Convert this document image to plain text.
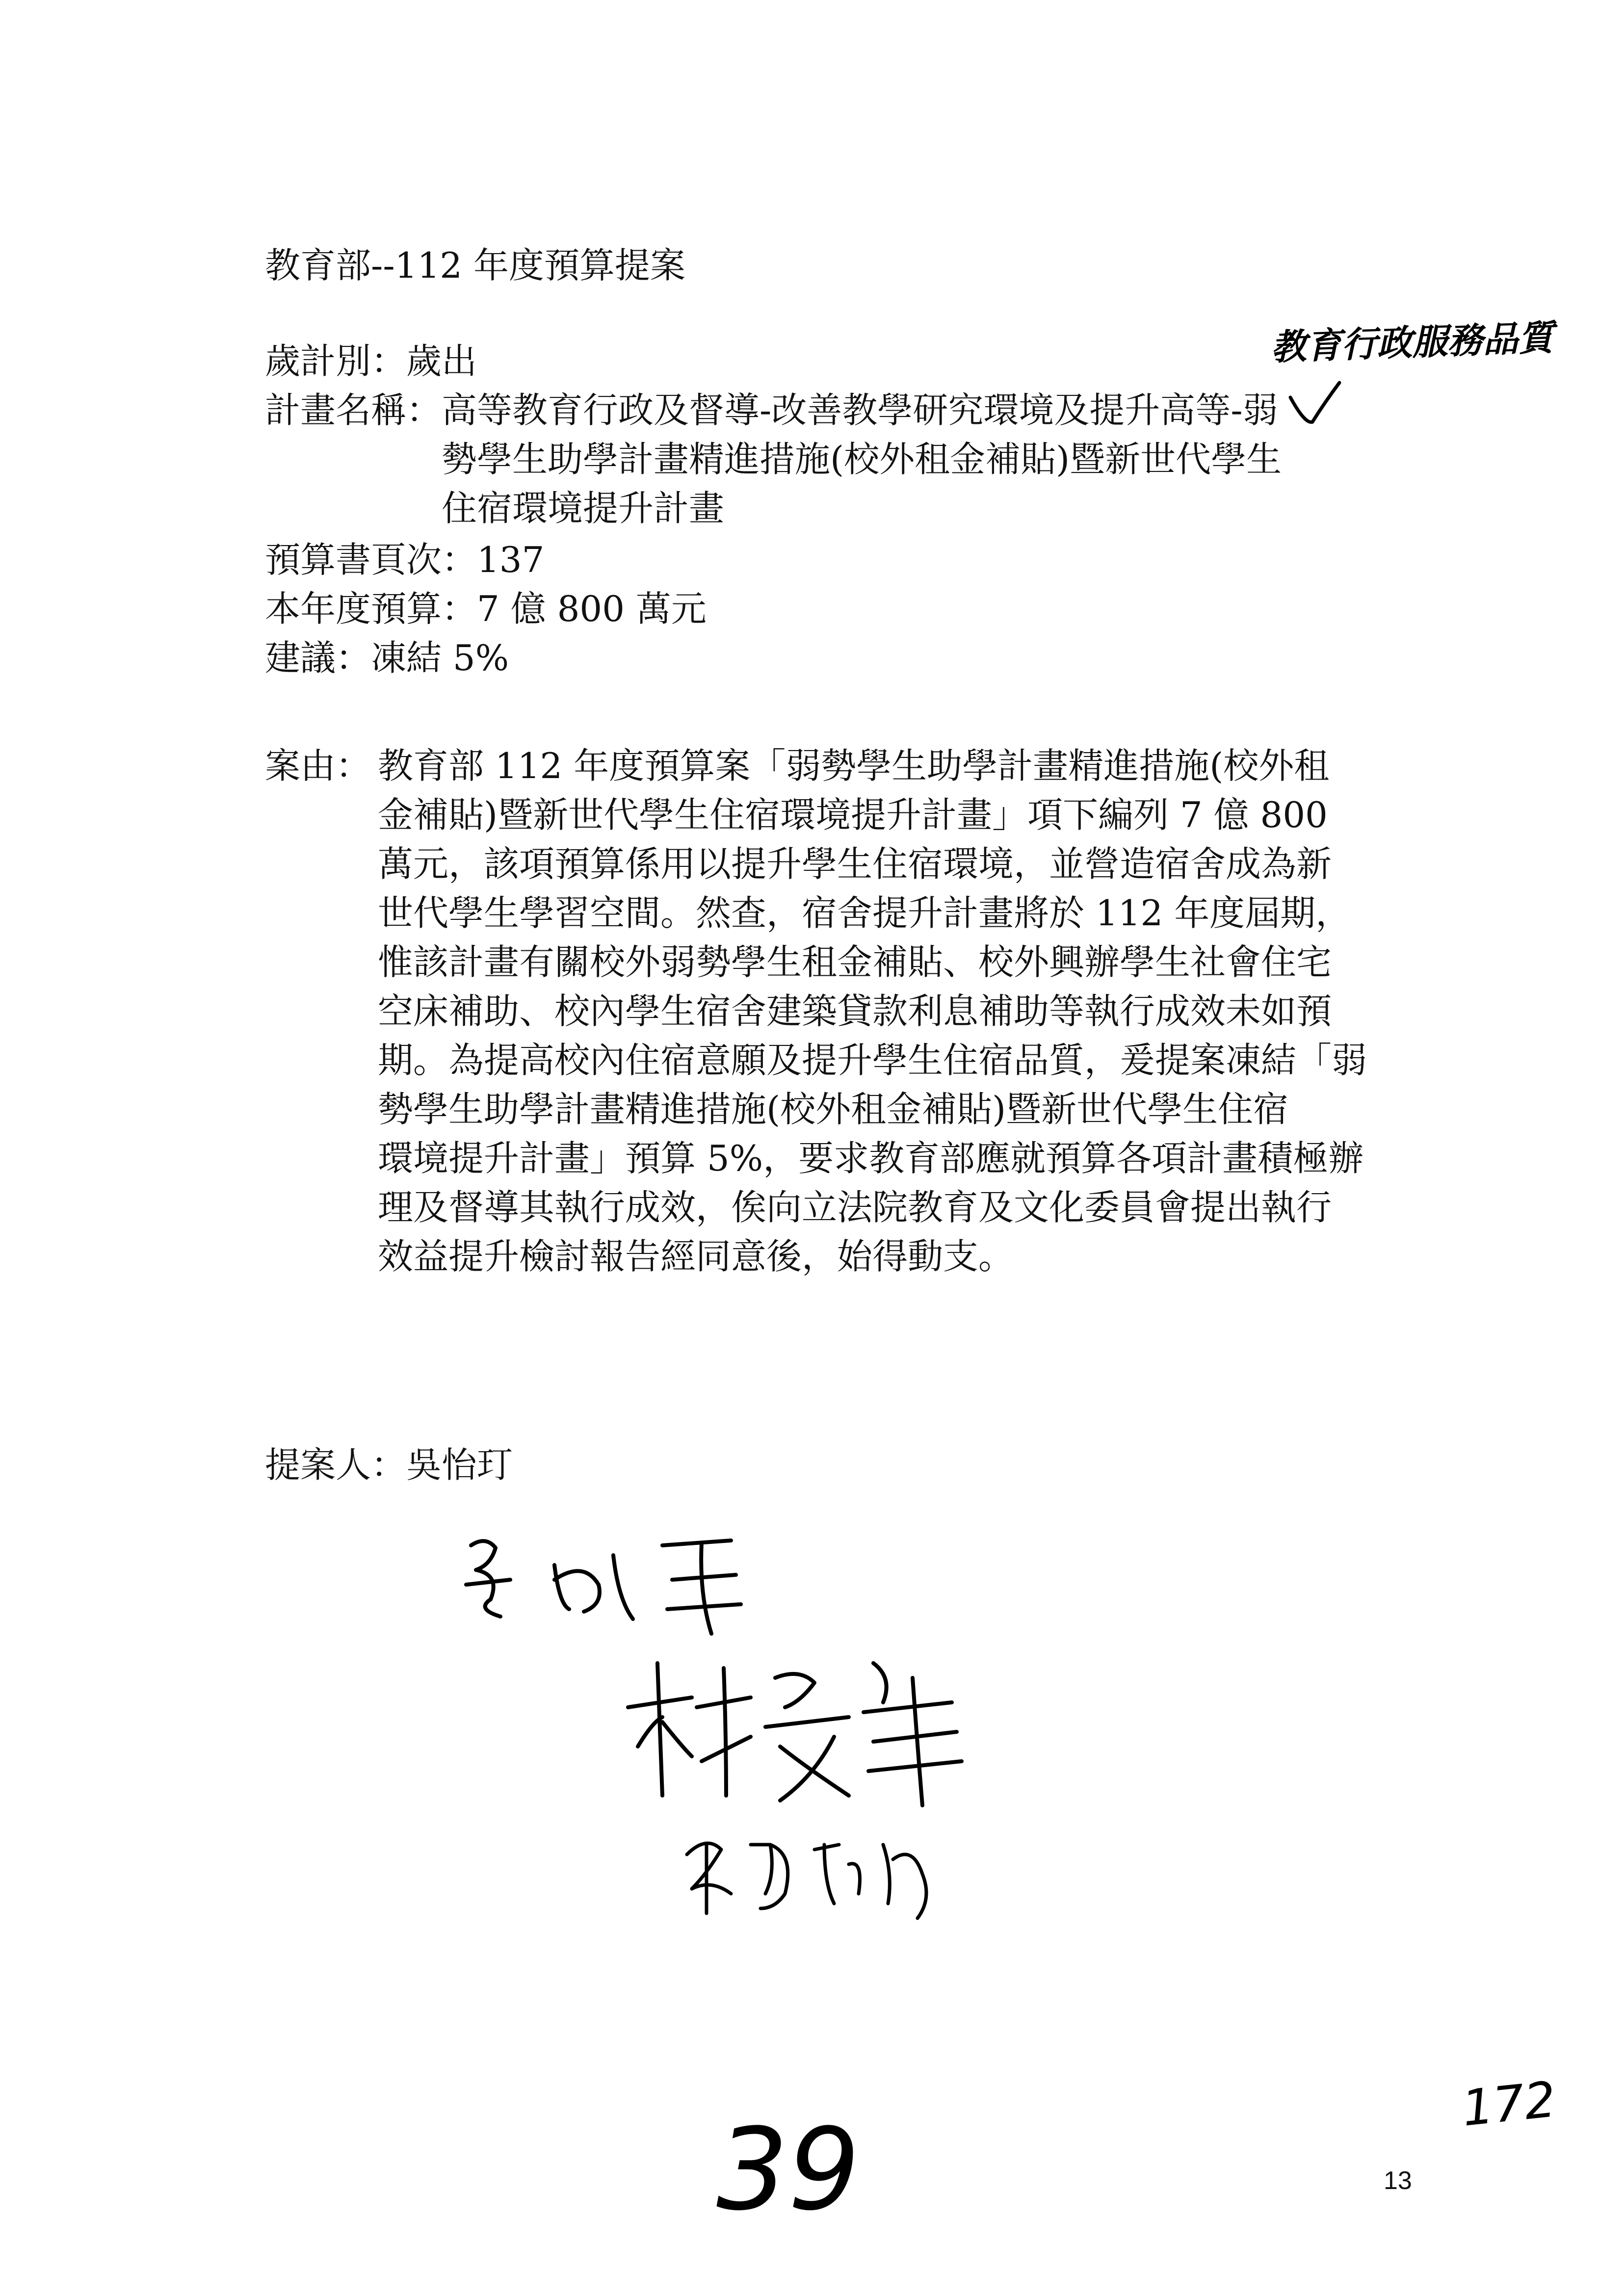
教育部--112 年度預算提案
歲計別：歲出	教育行政服務品質
計畫名稱： 高等教育行政及督導-改善教學研究環境及提升高等-弱
勢學生助學計畫精進措施(校外租金補貼)暨新世代學生
住宿環境提升計畫
預算書頁次：137
本年度預算：7 億 800 萬元
建議：凍結 5%
案由： 教育部 112 年度預算案「弱勢學生助學計畫精進措施(校外租
金補貼)暨新世代學生住宿環境提升計畫」項下編列 7 億 800
萬元，該項預算係用以提升學生住宿環境，並營造宿舍成為新
世代學生學習空間。然查，宿舍提升計畫將於 112 年度屆期，
惟該計畫有關校外弱勢學生租金補貼、校外興辦學生社會住宅
空床補助、校內學生宿舍建築貸款利息補助等執行成效未如預
期。為提高校內住宿意願及提升學生住宿品質，爰提案凍結「弱
勢學生助學計畫精進措施(校外租金補貼)暨新世代學生住宿
環境提升計畫」預算 5%，要求教育部應就預算各項計畫積極辦
理及督導其執行成效，俟向立法院教育及文化委員會提出執行
效益提升檢討報告經同意後，始得動支。
提案人：吳怡玎
39
172
13
